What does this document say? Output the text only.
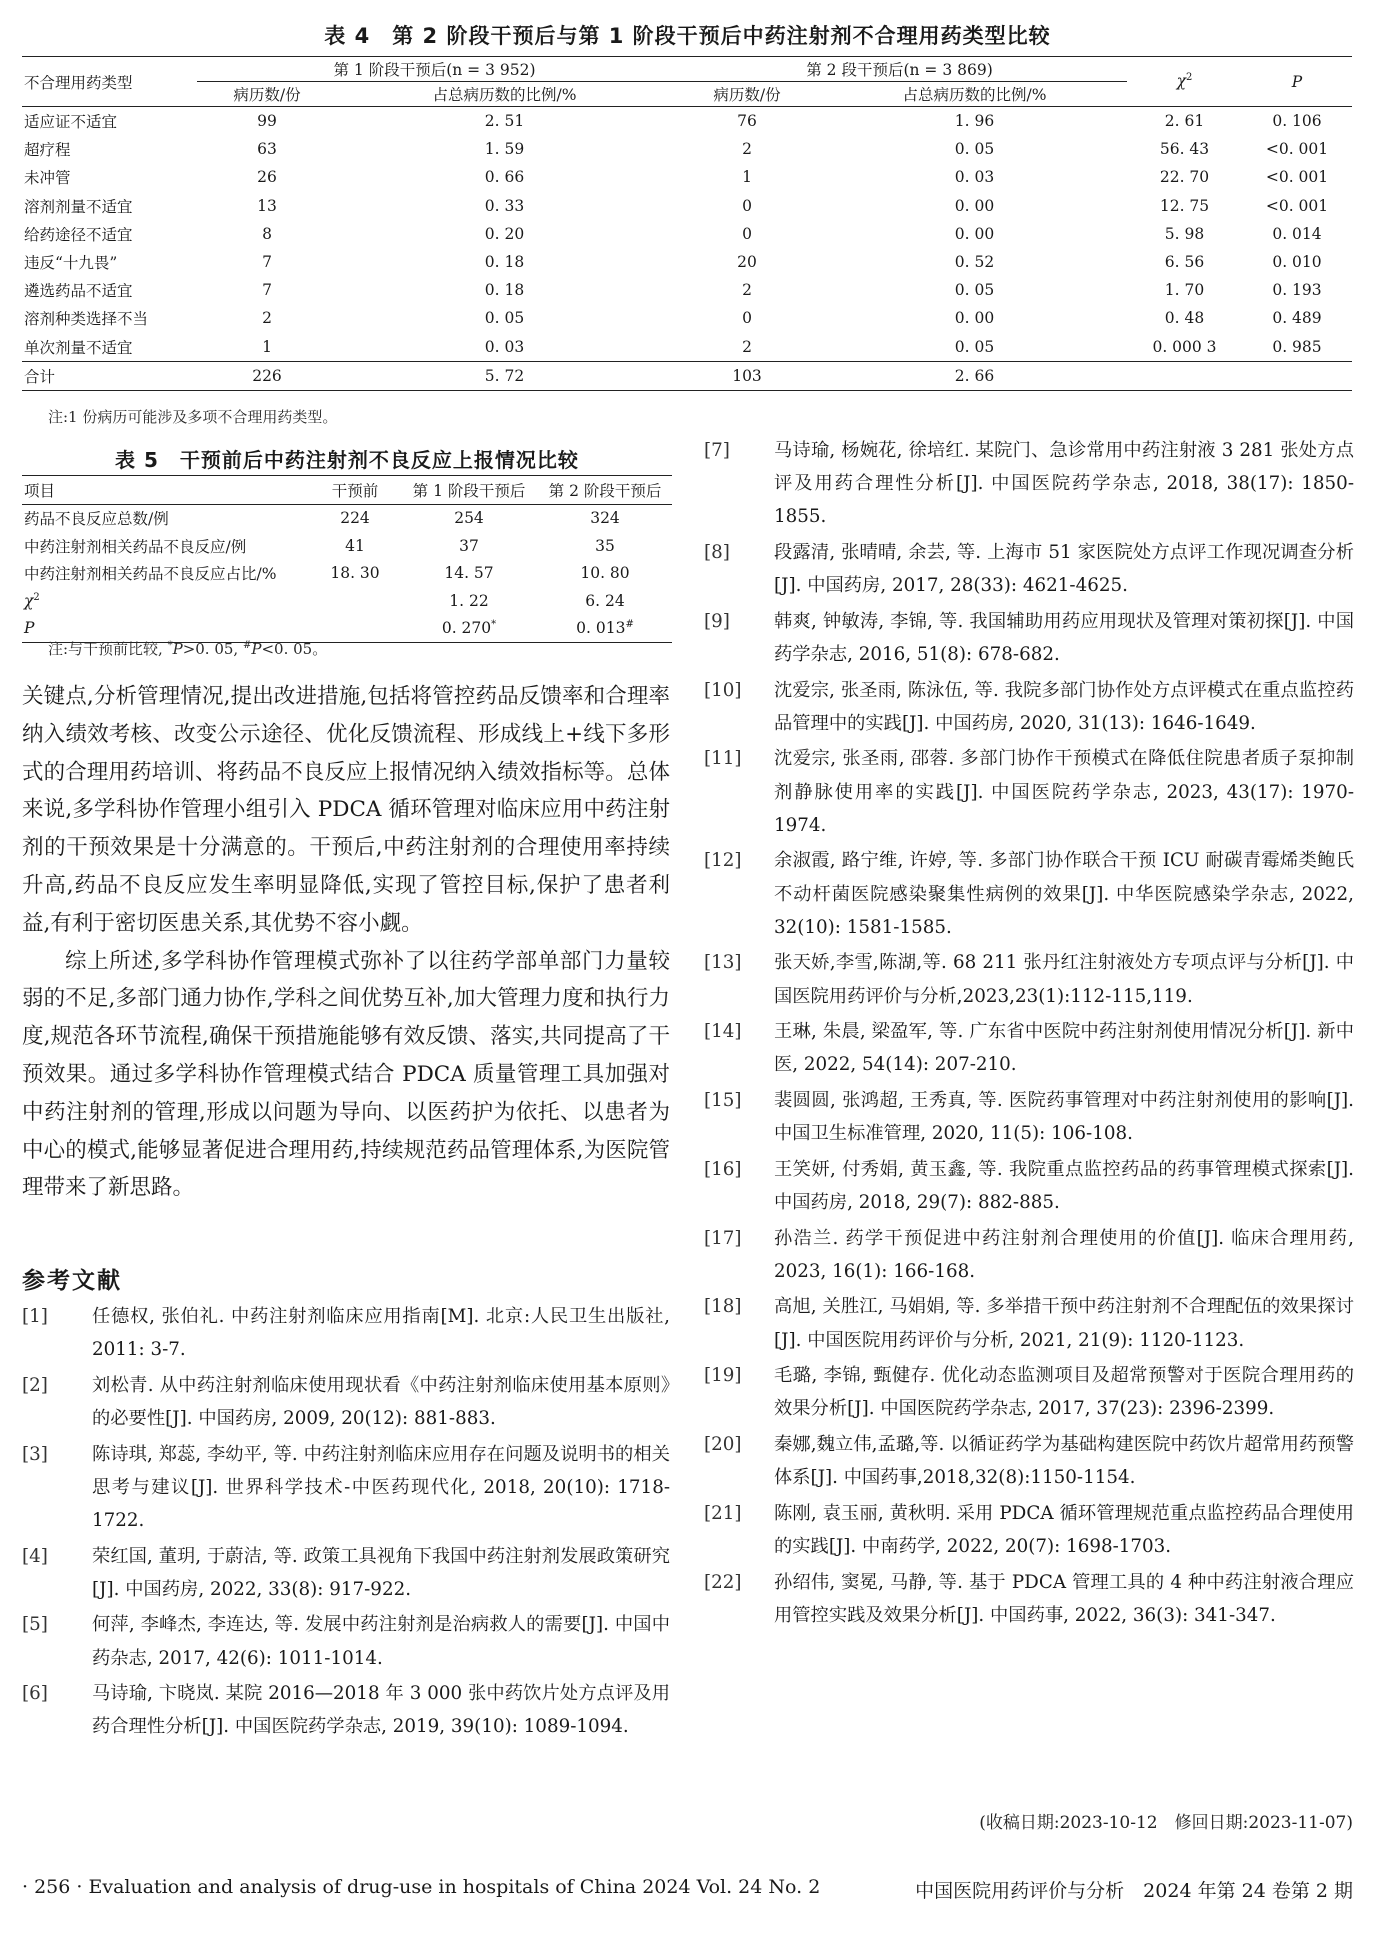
表 4　第 2 阶段干预后与第 1 阶段干预后中药注射剂不合理用药类型比较
不合理用药类型	第 1 阶段干预后(n = 3 952)		第 2 段干预后(n = 3 869)		$\chi^2$	P
	病历数/份	占总病历数的比例/%	病历数/份	占总病历数的比例/%		
适应证不适宜	99	2. 51	76	1. 96	2. 61	0. 106
超疗程	63	1. 59	2	0. 05	56. 43	<0. 001
未冲管	26	0. 66	1	0. 03	22. 70	<0. 001
溶剂剂量不适宜	13	0. 33	0	0. 00	12. 75	<0. 001
给药途径不适宜	8	0. 20	0	0. 00	5. 98	0. 014
违反“十九畏”	7	0. 18	20	0. 52	6. 56	0. 010
遴选药品不适宜	7	0. 18	2	0. 05	1. 70	0. 193
溶剂种类选择不当	2	0. 05	0	0. 00	0. 48	0. 489
单次剂量不适宜	1	0. 03	2	0. 05	0. 000 3	0. 985
合计	226	5. 72	103	2. 66		
注:1 份病历可能涉及多项不合理用药类型。
表 5　干预前后中药注射剂不良反应上报情况比较
项目	干预前	第 1 阶段干预后	第 2 阶段干预后
药品不良反应总数/例	224	254	324
中药注射剂相关药品不良反应/例	41	37	35
中药注射剂相关药品不良反应占比/%	18. 30	14. 57	10. 80
$\chi^2$		1. 22	6. 24
P		0. 270*	0. 013#
注:与干预前比较, *P>0. 05, #P<0. 05。

关键点,分析管理情况,提出改进措施,包括将管控药品反馈率和合理率纳入绩效考核、改变公示途径、优化反馈流程、形成线上+线下多形式的合理用药培训、将药品不良反应上报情况纳入绩效指标等。总体来说,多学科协作管理小组引入 PDCA 循环管理对临床应用中药注射剂的干预效果是十分满意的。干预后,中药注射剂的合理使用率持续升高,药品不良反应发生率明显降低,实现了管控目标,保护了患者利益,有利于密切医患关系,其优势不容小觑。

综上所述,多学科协作管理模式弥补了以往药学部单部门力量较弱的不足,多部门通力协作,学科之间优势互补,加大管理力度和执行力度,规范各环节流程,确保干预措施能够有效反馈、落实,共同提高了干预效果。通过多学科协作管理模式结合 PDCA 质量管理工具加强对中药注射剂的管理,形成以问题为导向、以医药护为依托、以患者为中心的模式,能够显著促进合理用药,持续规范药品管理体系,为医院管理带来了新思路。

参考文献
[1]	任德权, 张伯礼. 中药注射剂临床应用指南[M]. 北京:人民卫生出版社, 2011: 3-7.
[2]	刘松青. 从中药注射剂临床使用现状看《中药注射剂临床使用基本原则》的必要性[J]. 中国药房, 2009, 20(12): 881-883.
[3]	陈诗琪, 郑蕊, 李幼平, 等. 中药注射剂临床应用存在问题及说明书的相关思考与建议[J]. 世界科学技术-中医药现代化, 2018, 20(10): 1718-1722.
[4]	荣红国, 董玥, 于蔚洁, 等. 政策工具视角下我国中药注射剂发展政策研究[J]. 中国药房, 2022, 33(8): 917-922.
[5]	何萍, 李峰杰, 李连达, 等. 发展中药注射剂是治病救人的需要[J]. 中国中药杂志, 2017, 42(6): 1011-1014.
[6]	马诗瑜, 卞晓岚. 某院 2016—2018 年 3 000 张中药饮片处方点评及用药合理性分析[J]. 中国医院药学杂志, 2019, 39(10): 1089-1094.
[7]	马诗瑜, 杨婉花, 徐培红. 某院门、急诊常用中药注射液 3 281 张处方点评及用药合理性分析[J]. 中国医院药学杂志, 2018, 38(17): 1850-1855.
[8]	段露清, 张晴晴, 余芸, 等. 上海市 51 家医院处方点评工作现况调查分析[J]. 中国药房, 2017, 28(33): 4621-4625.
[9]	韩爽, 钟敏涛, 李锦, 等. 我国辅助用药应用现状及管理对策初探[J]. 中国药学杂志, 2016, 51(8): 678-682.
[10]	沈爱宗, 张圣雨, 陈泳伍, 等. 我院多部门协作处方点评模式在重点监控药品管理中的实践[J]. 中国药房, 2020, 31(13): 1646-1649.
[11]	沈爱宗, 张圣雨, 邵蓉. 多部门协作干预模式在降低住院患者质子泵抑制剂静脉使用率的实践[J]. 中国医院药学杂志, 2023, 43(17): 1970-1974.
[12]	余淑霞, 路宁维, 许婷, 等. 多部门协作联合干预 ICU 耐碳青霉烯类鲍氏不动杆菌医院感染聚集性病例的效果[J]. 中华医院感染学杂志, 2022, 32(10): 1581-1585.
[13]	张天娇,李雪,陈湖,等. 68 211 张丹红注射液处方专项点评与分析[J]. 中国医院用药评价与分析,2023,23(1):112-115,119.
[14]	王琳, 朱晨, 梁盈军, 等. 广东省中医院中药注射剂使用情况分析[J]. 新中医, 2022, 54(14): 207-210.
[15]	裴圆圆, 张鸿超, 王秀真, 等. 医院药事管理对中药注射剂使用的影响[J]. 中国卫生标准管理, 2020, 11(5): 106-108.
[16]	王笑妍, 付秀娟, 黄玉鑫, 等. 我院重点监控药品的药事管理模式探索[J]. 中国药房, 2018, 29(7): 882-885.
[17]	孙浩兰. 药学干预促进中药注射剂合理使用的价值[J]. 临床合理用药, 2023, 16(1): 166-168.
[18]	高旭, 关胜江, 马娟娟, 等. 多举措干预中药注射剂不合理配伍的效果探讨[J]. 中国医院用药评价与分析, 2021, 21(9): 1120-1123.
[19]	毛璐, 李锦, 甄健存. 优化动态监测项目及超常预警对于医院合理用药的效果分析[J]. 中国医院药学杂志, 2017, 37(23): 2396-2399.
[20]	秦娜,魏立伟,孟璐,等. 以循证药学为基础构建医院中药饮片超常用药预警体系[J]. 中国药事,2018,32(8):1150-1154.
[21]	陈刚, 袁玉丽, 黄秋明. 采用 PDCA 循环管理规范重点监控药品合理使用的实践[J]. 中南药学, 2022, 20(7): 1698-1703.
[22]	孙绍伟, 窦冕, 马静, 等. 基于 PDCA 管理工具的 4 种中药注射液合理应用管控实践及效果分析[J]. 中国药事, 2022, 36(3): 341-347.
(收稿日期:2023-10-12　修回日期:2023-11-07)
· 256 · Evaluation and analysis of drug-use in hospitals of China 2024 Vol. 24 No. 2	中国医院用药评价与分析　2024 年第 24 卷第 2 期
